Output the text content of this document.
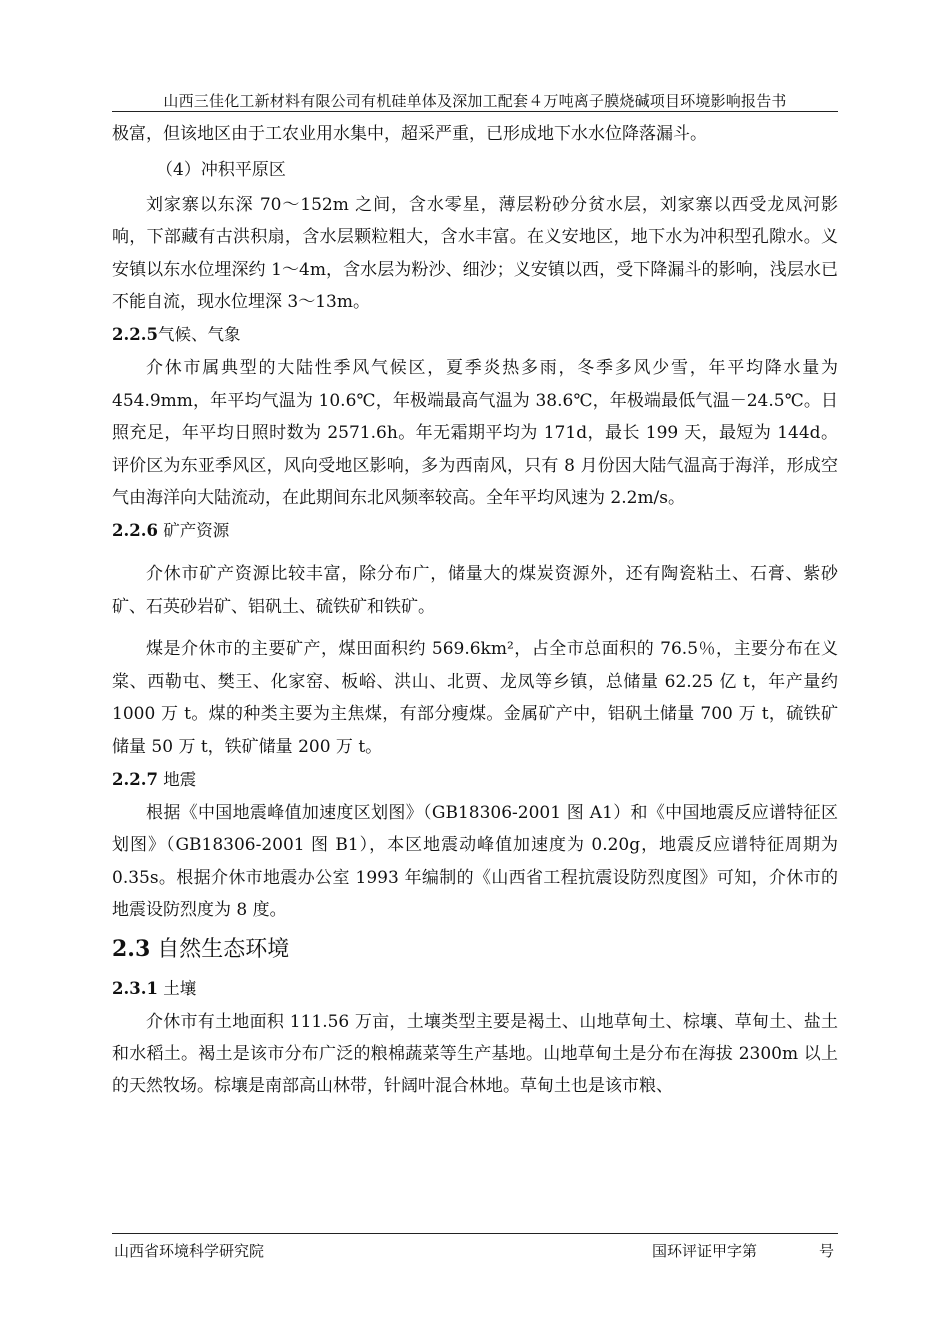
山西三佳化工新材料有限公司有机硅单体及深加工配套４万吨离子膜烧碱项目环境影响报告书

极富，但该地区由于工农业用水集中，超采严重，已形成地下水水位降落漏斗。

（4）冲积平原区

刘家寨以东深 70～152m 之间，含水零星，薄层粉砂分贫水层，刘家寨以西受龙凤河影响，下部藏有古洪积扇，含水层颗粒粗大，含水丰富。在义安地区，地下水为冲积型孔隙水。义安镇以东水位埋深约 1～4m，含水层为粉沙、细沙；义安镇以西，受下降漏斗的影响，浅层水已不能自流，现水位埋深 3～13m。

2.2.5气候、气象

介休市属典型的大陆性季风气候区，夏季炎热多雨，冬季多风少雪，年平均降水量为 454.9mm，年平均气温为 10.6℃，年极端最高气温为 38.6℃，年极端最低气温－24.5℃。日照充足，年平均日照时数为 2571.6h。年无霜期平均为 171d，最长 199 天，最短为 144d。评价区为东亚季风区，风向受地区影响，多为西南风，只有 8 月份因大陆气温高于海洋，形成空气由海洋向大陆流动，在此期间东北风频率较高。全年平均风速为 2.2m/s。

2.2.6 矿产资源

介休市矿产资源比较丰富，除分布广，储量大的煤炭资源外，还有陶瓷粘土、石膏、紫砂矿、石英砂岩矿、铝矾土、硫铁矿和铁矿。

煤是介休市的主要矿产，煤田面积约 569.6km²，占全市总面积的 76.5％，主要分布在义棠、西勒屯、樊王、化家窑、板峪、洪山、北贾、龙凤等乡镇，总储量 62.25 亿 t，年产量约 1000 万 t。煤的种类主要为主焦煤，有部分瘦煤。金属矿产中，铝矾土储量 700 万 t，硫铁矿储量 50 万 t，铁矿储量 200 万 t。

2.2.7 地震

根据《中国地震峰值加速度区划图》（GB18306-2001 图 A1）和《中国地震反应谱特征区划图》（GB18306-2001 图 B1），本区地震动峰值加速度为 0.20g，地震反应谱特征周期为 0.35s。根据介休市地震办公室 1993 年编制的《山西省工程抗震设防烈度图》可知，介休市的地震设防烈度为 8 度。

2.3 自然生态环境
2.3.1 土壤

介休市有土地面积 111.56 万亩，土壤类型主要是褐土、山地草甸土、棕壤、草甸土、盐土和水稻土。褐土是该市分布广泛的粮棉蔬菜等生产基地。山地草甸土是分布在海拔 2300m 以上的天然牧场。棕壤是南部高山林带，针阔叶混合林地。草甸土也是该市粮、

山西省环境科学研究院	国环评证甲字第	号
